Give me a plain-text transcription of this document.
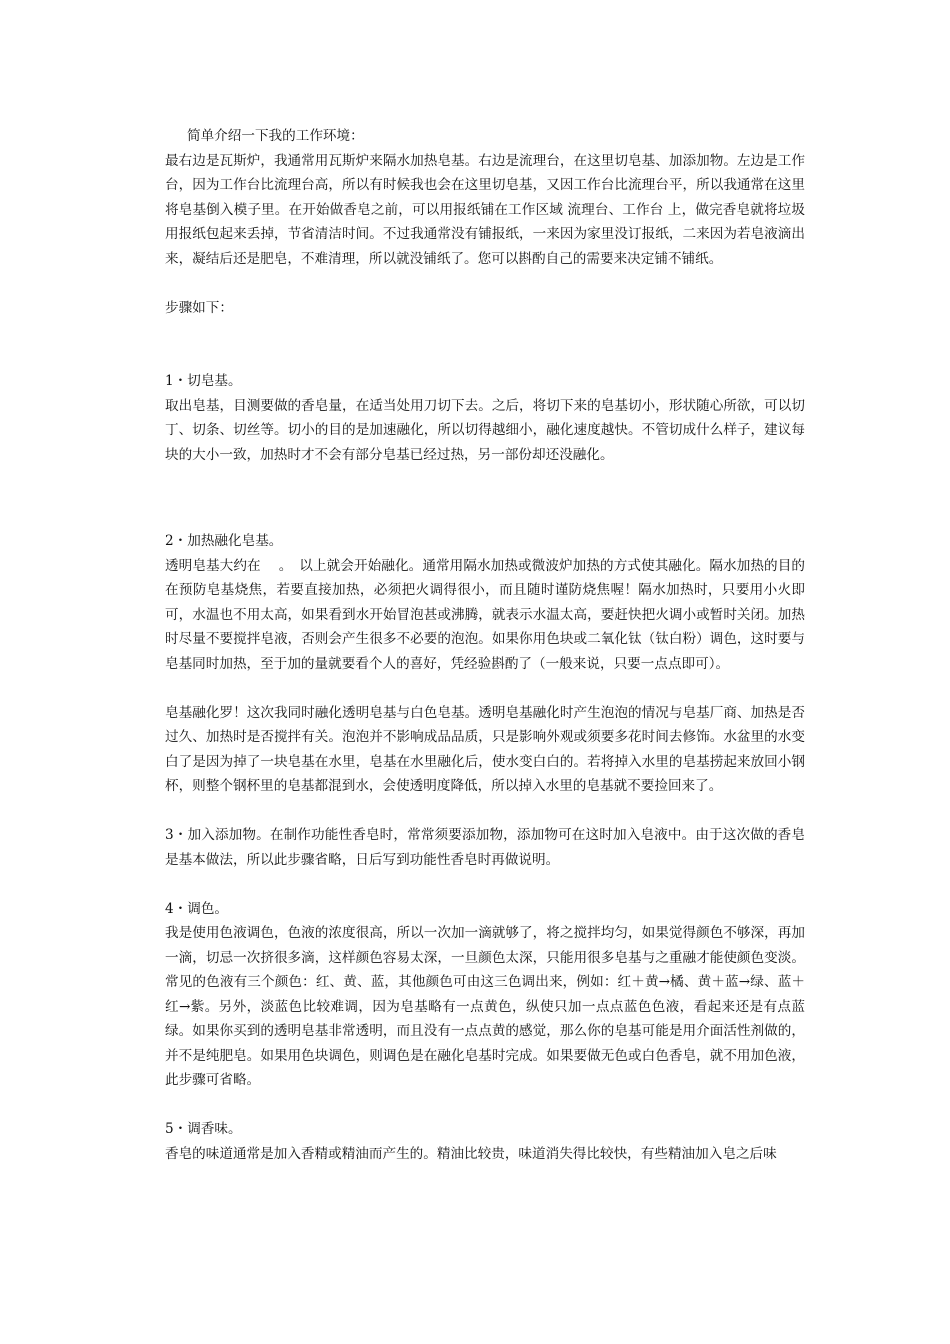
简单介绍一下我的工作环境：

最右边是瓦斯炉，我通常用瓦斯炉来隔水加热皂基。右边是流理台，在这里切皂基、加添加物。左边是工作台，因为工作台比流理台高，所以有时候我也会在这里切皂基，又因工作台比流理台平，所以我通常在这里将皂基倒入模子里。在开始做香皂之前，可以用报纸铺在工作区域 流理台、工作台 上，做完香皂就将垃圾用报纸包起来丢掉，节省清洁时间。不过我通常没有铺报纸，一来因为家里没订报纸，二来因为若皂液滴出来，凝结后还是肥皂，不难清理，所以就没铺纸了。您可以斟酌自己的需要来决定铺不铺纸。

步骤如下：

1・切皂基。

取出皂基，目测要做的香皂量，在适当处用刀切下去。之后，将切下来的皂基切小，形状随心所欲，可以切丁、切条、切丝等。切小的目的是加速融化，所以切得越细小，融化速度越快。不管切成什么样子，建议每块的大小一致，加热时才不会有部分皂基已经过热，另一部份却还没融化。

2・加热融化皂基。

透明皂基大约在　 。　以上就会开始融化。通常用隔水加热或微波炉加热的方式使其融化。隔水加热的目的在预防皂基烧焦，若要直接加热，必须把火调得很小，而且随时谨防烧焦喔！隔水加热时，只要用小火即可，水温也不用太高，如果看到水开始冒泡甚或沸腾，就表示水温太高，要赶快把火调小或暂时关闭。加热时尽量不要搅拌皂液，否则会产生很多不必要的泡泡。如果你用色块或二氧化钛（钛白粉）调色，这时要与皂基同时加热，至于加的量就要看个人的喜好，凭经验斟酌了（一般来说，只要一点点即可）。

皂基融化罗！这次我同时融化透明皂基与白色皂基。透明皂基融化时产生泡泡的情况与皂基厂商、加热是否过久、加热时是否搅拌有关。泡泡并不影响成品品质，只是影响外观或须要多花时间去修饰。水盆里的水变白了是因为掉了一块皂基在水里，皂基在水里融化后，使水变白白的。若将掉入水里的皂基捞起来放回小钢杯，则整个钢杯里的皂基都混到水，会使透明度降低，所以掉入水里的皂基就不要捡回来了。

3・加入添加物。在制作功能性香皂时，常常须要添加物，添加物可在这时加入皂液中。由于这次做的香皂是基本做法，所以此步骤省略，日后写到功能性香皂时再做说明。

4・调色。

我是使用色液调色，色液的浓度很高，所以一次加一滴就够了，将之搅拌均匀，如果觉得颜色不够深，再加一滴，切忌一次挤很多滴，这样颜色容易太深，一旦颜色太深，只能用很多皂基与之重融才能使颜色变淡。常见的色液有三个颜色：红、黄、蓝，其他颜色可由这三色调出来，例如：红＋黄→橘、黄＋蓝→绿、蓝＋红→紫。另外，淡蓝色比较难调，因为皂基略有一点黄色，纵使只加一点点蓝色色液，看起来还是有点蓝绿。如果你买到的透明皂基非常透明，而且没有一点点黄的感觉，那么你的皂基可能是用介面活性剂做的，并不是纯肥皂。如果用色块调色，则调色是在融化皂基时完成。如果要做无色或白色香皂，就不用加色液，此步骤可省略。

5・调香味。

香皂的味道通常是加入香精或精油而产生的。精油比较贵，味道消失得比较快，有些精油加入皂之后味
